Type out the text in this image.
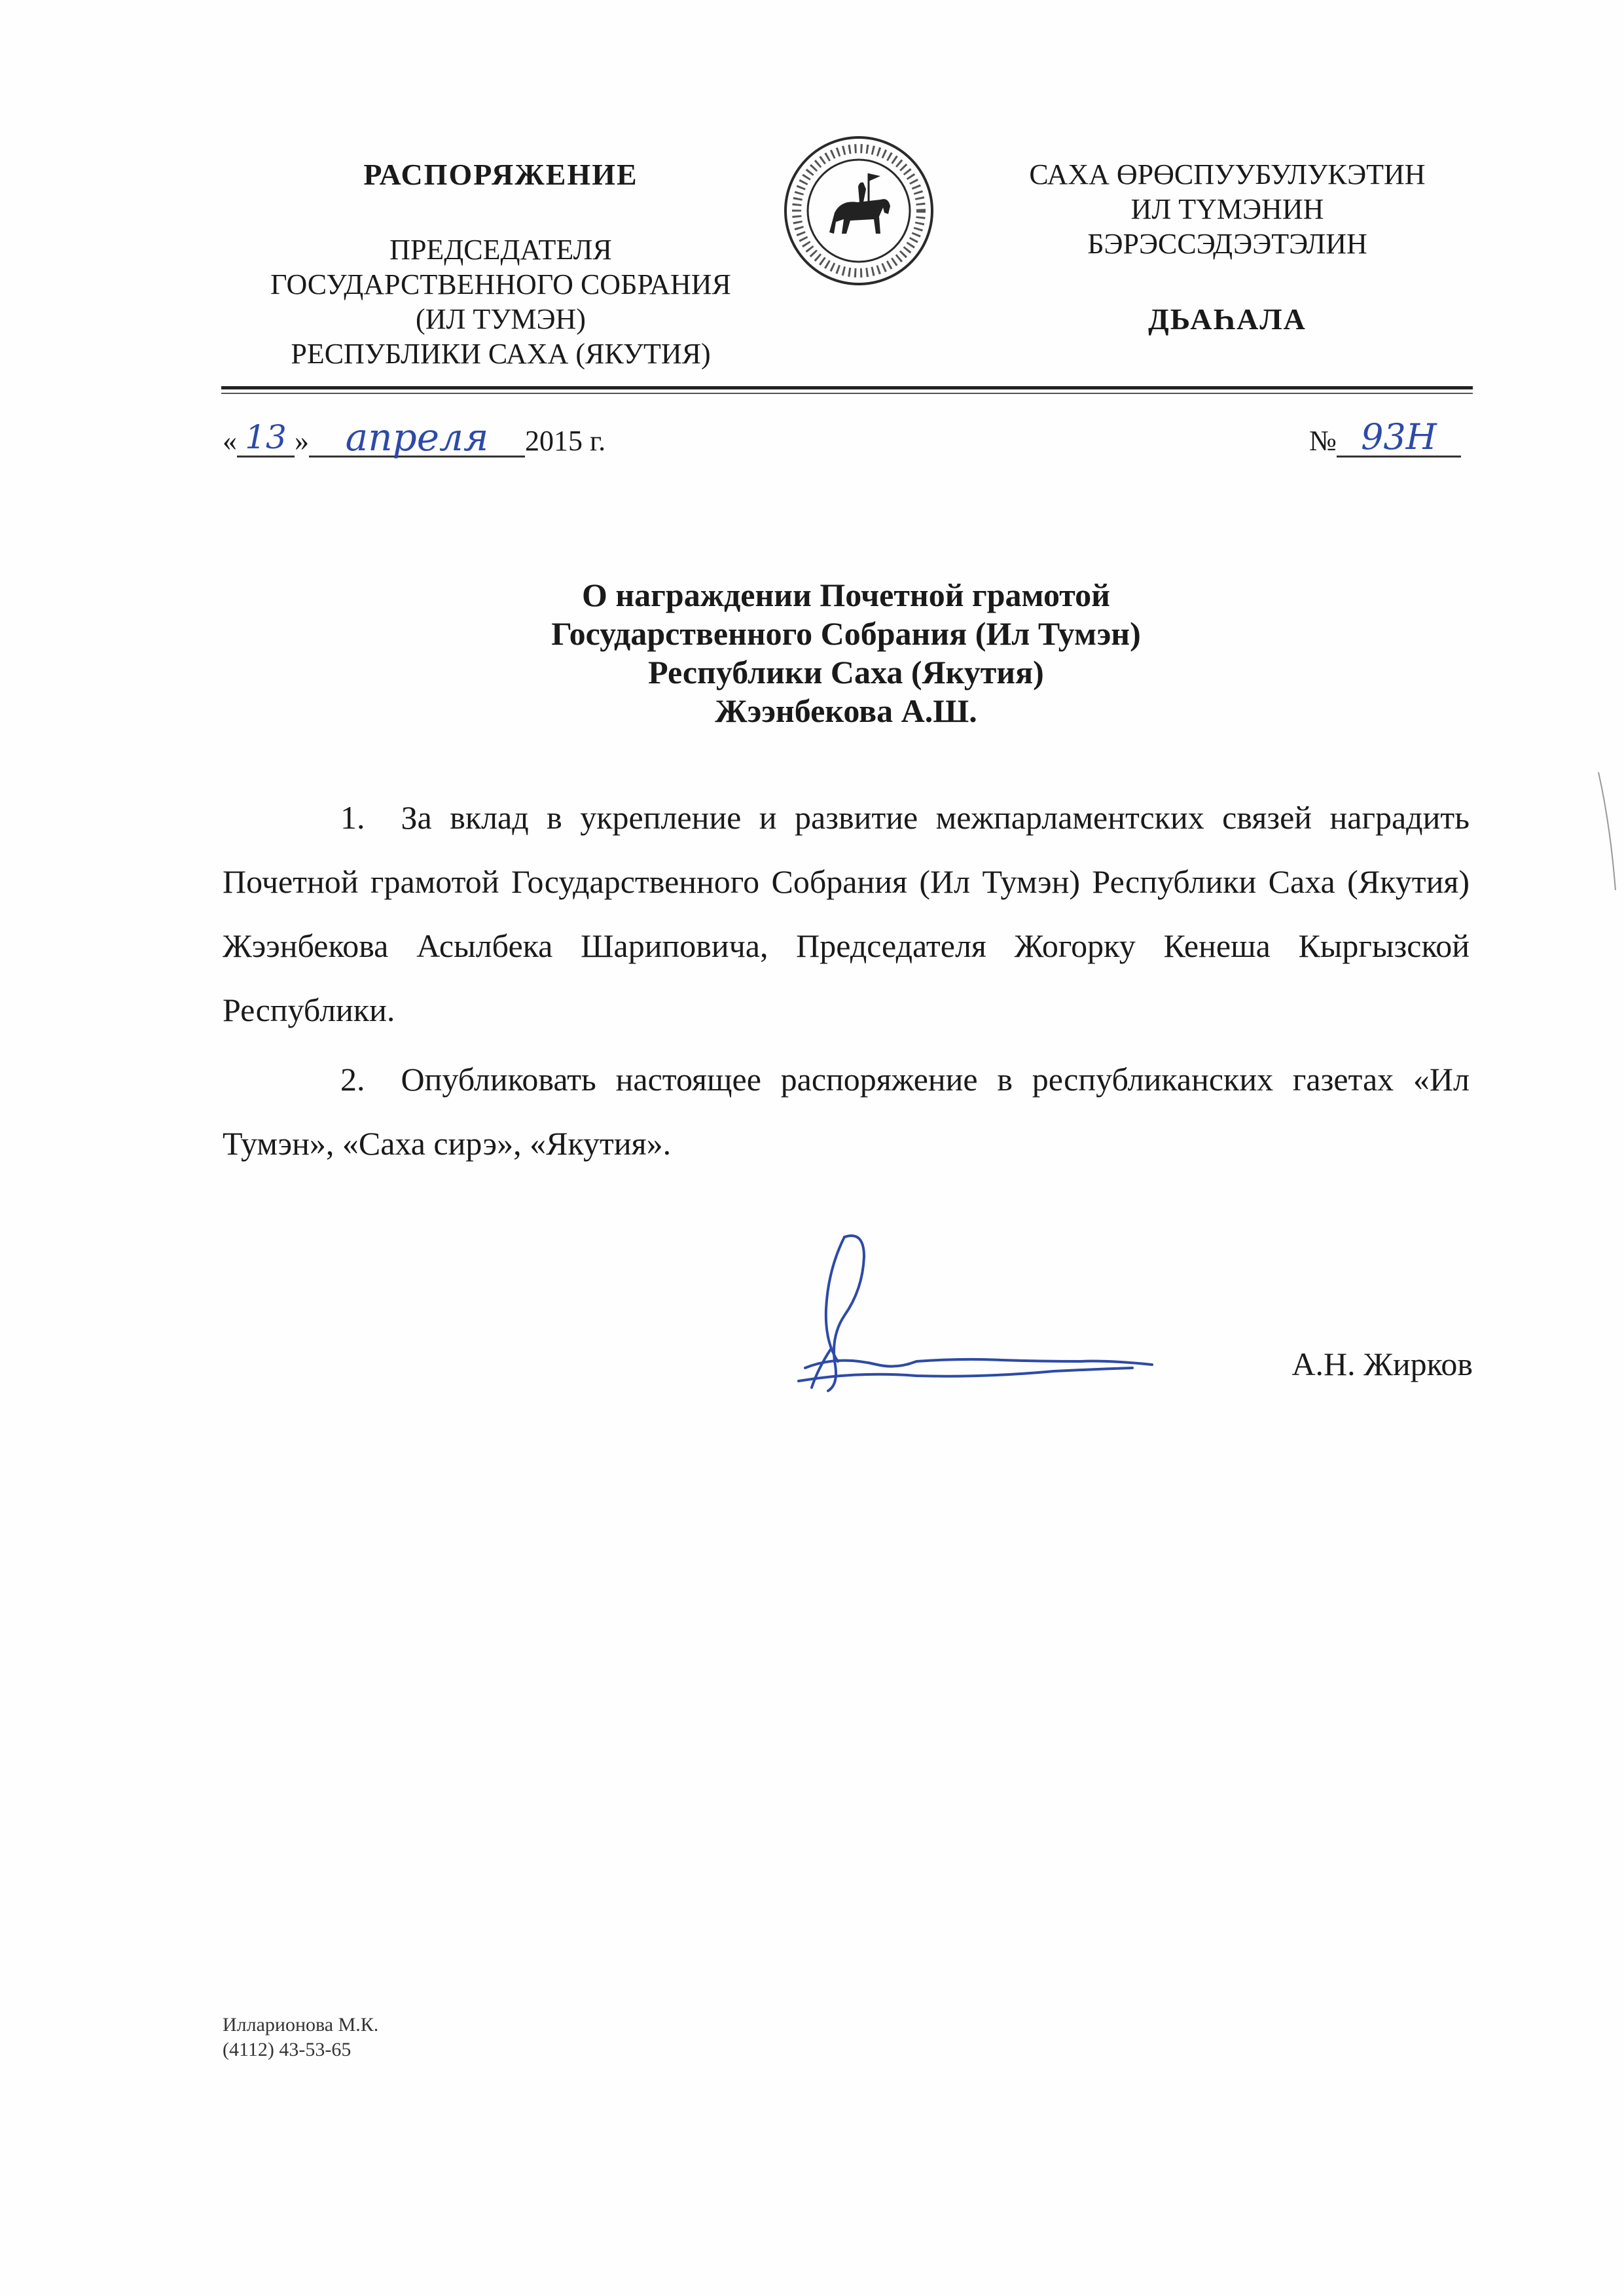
РАСПОРЯЖЕНИЕ
ПРЕДСЕДАТЕЛЯ
ГОСУДАРСТВЕННОГО СОБРАНИЯ
(ИЛ ТУМЭН)
РЕСПУБЛИКИ САХА (ЯКУТИЯ)
САХА ӨРӨСПУУБУЛУКЭТИН
ИЛ ТҮМЭНИН
БЭРЭССЭДЭЭТЭЛИН
ДЬАҺАЛА
« 13 » апреля	2015 г.	№ 93Н
О награждении Почетной грамотой
Государственного Собрания (Ил Тумэн)
Республики Саха (Якутия)
Жээнбекова А.Ш.

1. За вклад в укрепление и развитие межпарламентских связей наградить Почетной грамотой Государственного Собрания (Ил Тумэн) Республики Саха (Якутия) Жээнбекова Асылбека Шариповича, Председателя Жогорку Кенеша Кыргызской Республики.

2. Опубликовать настоящее распоряжение в республиканских газетах «Ил Тумэн», «Саха сирэ», «Якутия».

А.Н. Жирков
Илларионова М.К.
(4112) 43-53-65
